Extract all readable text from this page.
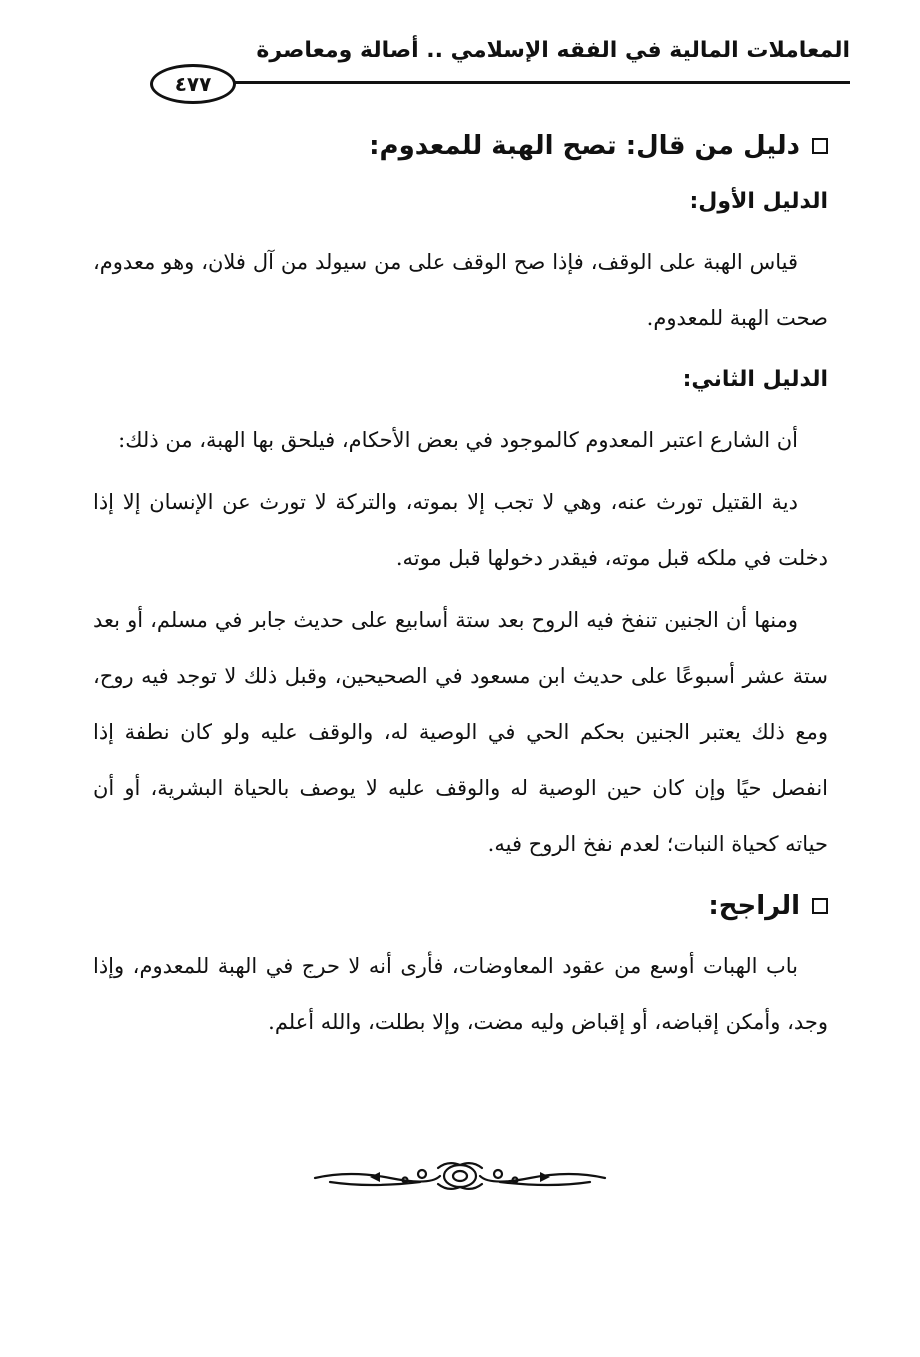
المعاملات المالية في الفقه الإسلامي .. أصالة ومعاصرة
٤٧٧
دليل من قال: تصح الهبة للمعدوم:
الدليل الأول:

قياس الهبة على الوقف، فإذا صح الوقف على من سيولد من آل فلان، وهو معدوم، صحت الهبة للمعدوم.

الدليل الثاني:

أن الشارع اعتبر المعدوم كالموجود في بعض الأحكام، فيلحق بها الهبة، من ذلك:

دية القتيل تورث عنه، وهي لا تجب إلا بموته، والتركة لا تورث عن الإنسان إلا إذا دخلت في ملكه قبل موته، فيقدر دخولها قبل موته.

ومنها أن الجنين تنفخ فيه الروح بعد ستة أسابيع على حديث جابر في مسلم، أو بعد ستة عشر أسبوعًا على حديث ابن مسعود في الصحيحين، وقبل ذلك لا توجد فيه روح، ومع ذلك يعتبر الجنين بحكم الحي في الوصية له، والوقف عليه ولو كان نطفة إذا انفصل حيًا وإن كان حين الوصية له والوقف عليه لا يوصف بالحياة البشرية، أو أن حياته كحياة النبات؛ لعدم نفخ الروح فيه.

الراجح:

باب الهبات أوسع من عقود المعاوضات، فأرى أنه لا حرج في الهبة للمعدوم، وإذا وجد، وأمكن إقباضه، أو إقباض وليه مضت، وإلا بطلت، والله أعلم.
